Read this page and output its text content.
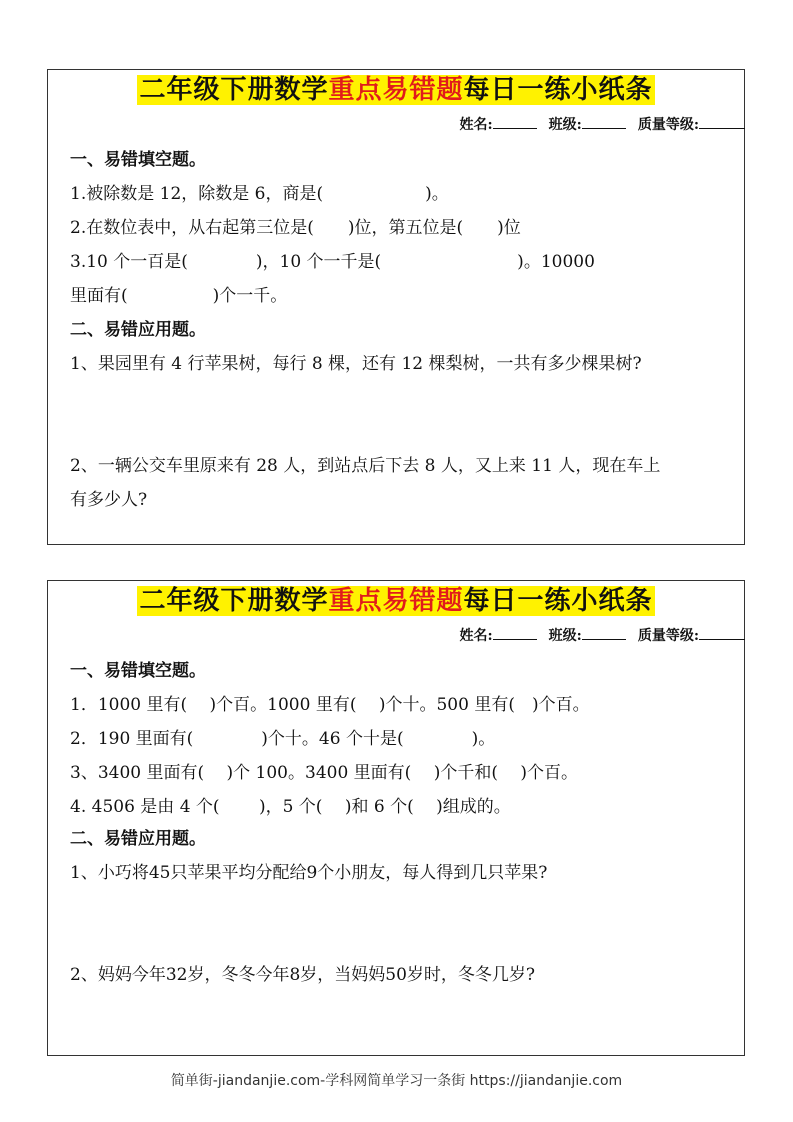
二年级下册数学重点易错题每日一练小纸条
姓名:	班级:	质量等级:
一、易错填空题。
1.被除数是 12，除数是 6，商是(　　　　　　)。
2.在数位表中，从右起第三位是(　　)位，第五位是(　　)位
3.10 个一百是(　　　　)，10 个一千是(　　　　　　　　)。10000
里面有(　　　　　)个一千。
二、易错应用题。
1、果园里有 4 行苹果树，每行 8 棵，还有 12 棵梨树，一共有多少棵果树?
2、一辆公交车里原来有 28 人，到站点后下去 8 人，又上来 11 人，现在车上
有多少人?
二年级下册数学重点易错题每日一练小纸条
姓名:	班级:	质量等级:
一、易错填空题。
1．1000 里有(　 )个百。1000 里有(　 )个十。500 里有(　)个百。
2．190 里面有(　　　　)个十。46 个十是(　　　　)。
3、3400 里面有(　 )个 100。3400 里面有(　 )个千和(　 )个百。
4. 4506 是由 4 个(　　 )，5 个(　 )和 6 个(　 )组成的。
二、易错应用题。
1、小巧将45只苹果平均分配给9个小朋友，每人得到几只苹果?
2、妈妈今年32岁，冬冬今年8岁，当妈妈50岁时，冬冬几岁?
简单街-jiandanjie.com-学科网简单学习一条街 https://jiandanjie.com
